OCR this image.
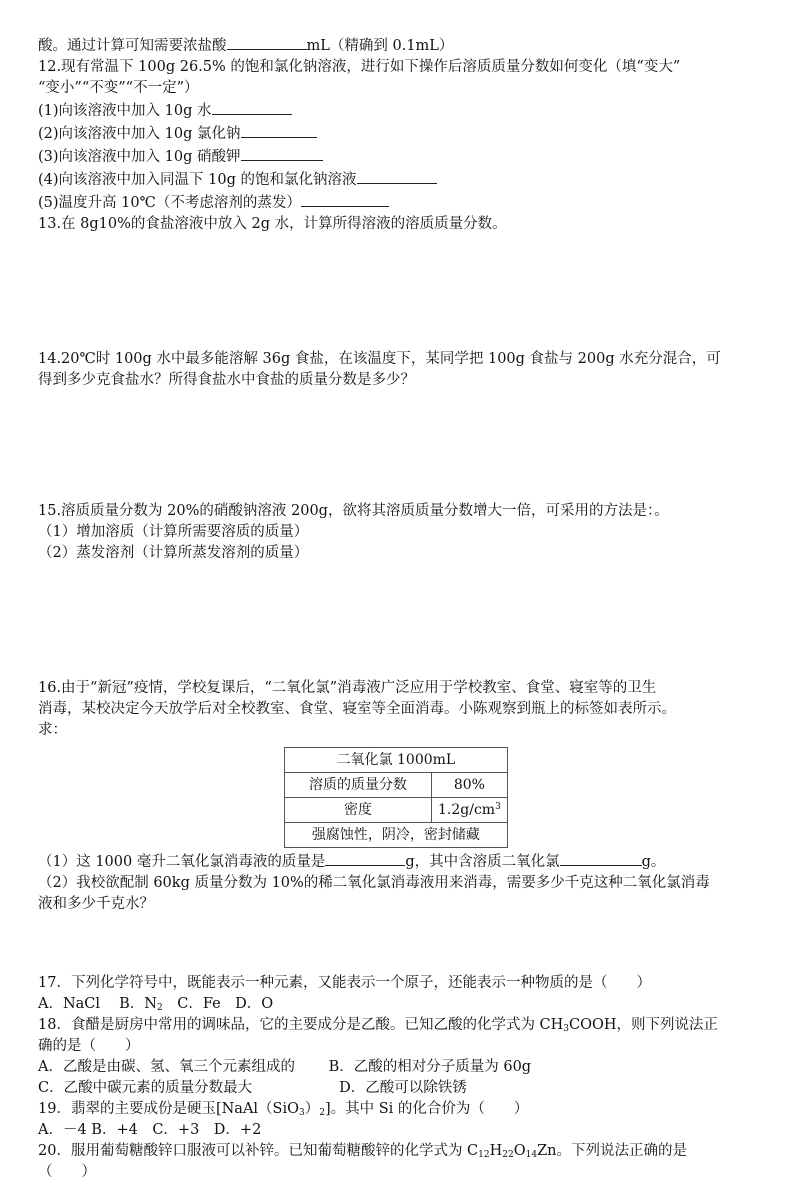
酸。通过计算可知需要浓盐酸	mL（精确到 0.1mL）
12.现有常温下 100g 26.5% 的饱和氯化钠溶液，进行如下操作后溶质质量分数如何变化（填“变大”
“变小”“不变”“不一定”）
(1)向该溶液中加入 10g 水
(2)向该溶液中加入 10g 氯化钠
(3)向该溶液中加入 10g 硝酸钾
(4)向该溶液中加入同温下 10g 的饱和氯化钠溶液
(5)温度升高 10℃（不考虑溶剂的蒸发）
13.在 8g10%的食盐溶液中放入 2g 水，计算所得溶液的溶质质量分数。
14.20℃时 100g 水中最多能溶解 36g 食盐，在该温度下，某同学把 100g 食盐与 200g 水充分混合，可
得到多少克食盐水？所得食盐水中食盐的质量分数是多少？
15.溶质质量分数为 20%的硝酸钠溶液 200g，欲将其溶质质量分数增大一倍，可采用的方法是：。
（1）增加溶质（计算所需要溶质的质量）
（2）蒸发溶剂（计算所蒸发溶剂的质量）
16.由于“新冠”疫情，学校复课后，“二氧化氯”消毒液广泛应用于学校教室、食堂、寝室等的卫生
消毒，某校决定今天放学后对全校教室、食堂、寝室等全面消毒。小陈观察到瓶上的标签如表所示。
求：
二氧化氯 1000mL	
溶质的质量分数	80%
密度	$1.2g/cm^3$
强腐蚀性，阴冷，密封储藏	
（1）这 1000 毫升二氧化氯消毒液的质量是	g，其中含溶质二氧化氯	g。
（2）我校欲配制 60kg 质量分数为 10%的稀二氧化氯消毒液用来消毒，需要多少千克这种二氧化氯消毒
液和多少千克水？
17．下列化学符号中，既能表示一种元素，又能表示一个原子，还能表示一种物质的是（　　）
A．NaCl　 B．$N_2$　C．Fe　D．O
18．食醋是厨房中常用的调味品，它的主要成分是乙酸。已知乙酸的化学式为 $CH_3COOH$，则下列说法正
确的是（　　）
A．乙酸是由碳、氢、氧三个元素组成的　　 B．乙酸的相对分子质量为 60g
C．乙酸中碳元素的质量分数最大　　　　　　D．乙酸可以除铁锈
19．翡翠的主要成份是硬玉$[NaAl(SiO_3)_2]$。其中 Si 的化合价为（　　）
A．－4 B．+4　C．+3　D．+2
20．服用葡萄糖酸锌口服液可以补锌。已知葡萄糖酸锌的化学式为 $C_{12}H_{22}O_{14}Zn$。下列说法正确的是
（　　）
